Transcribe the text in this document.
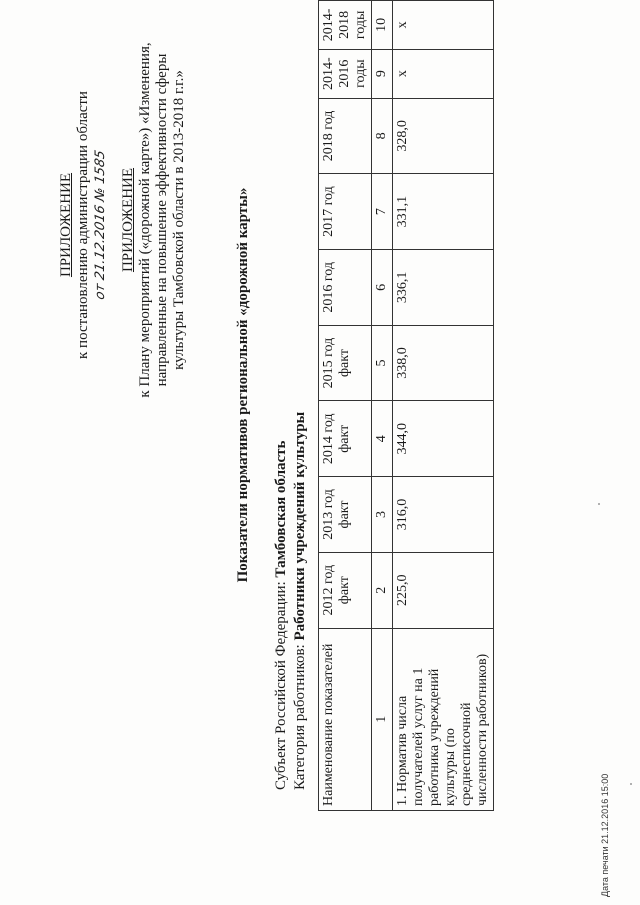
ПРИЛОЖЕНИЕ к постановлению администрации области от 21.12.2016 № 1585 ПРИЛОЖЕНИЕ к Плану мероприятий («дорожной карте») «Изменения, направленные на повышение эффективности сферы культуры Тамбовской области в 2013-2018 г.г.»	Показатели нормативов региональной «дорожной карты»
Субъект Российской Федерации: Тамбовская область
Категория работников: Работники учреждений культуры
Наименование показателей	2012 год факт	2013 год факт	2014 год факт	2015 год факт	2016 год	2017 год	2018 год	2014-2016 годы	2014-2018 годы
1	2	3	4	5	6	7	8	9	10
1. Норматив числа получателей услуг на 1 работника учреждений культуры (по среднесписочной численности работников)	225,0	316,0	344,0	338,0	336,1	331,1	328,0	х	х
Дата печати 21.12.2016 15:00
